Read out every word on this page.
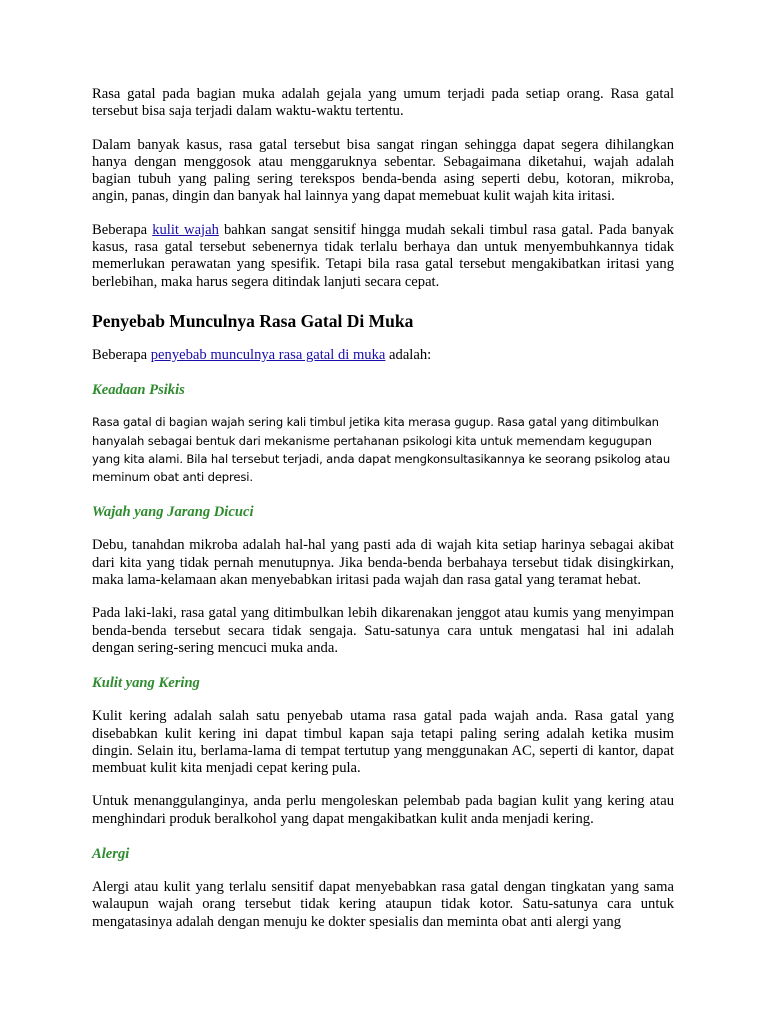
Rasa gatal pada bagian muka adalah gejala yang umum terjadi pada setiap orang. Rasa gatal tersebut bisa saja terjadi dalam waktu-waktu tertentu.

Dalam banyak kasus, rasa gatal tersebut bisa sangat ringan sehingga dapat segera dihilangkan hanya dengan menggosok atau menggaruknya sebentar. Sebagaimana diketahui, wajah adalah bagian tubuh yang paling sering terekspos benda-benda asing seperti debu, kotoran, mikroba, angin, panas, dingin dan banyak hal lainnya yang dapat memebuat kulit wajah kita iritasi.

Beberapa kulit wajah bahkan sangat sensitif hingga mudah sekali timbul rasa gatal. Pada banyak kasus, rasa gatal tersebut sebenernya tidak terlalu berhaya dan untuk menyembuhkannya tidak memerlukan perawatan yang spesifik. Tetapi bila rasa gatal tersebut mengakibatkan iritasi yang berlebihan, maka harus segera ditindak lanjuti secara cepat.

Penyebab Munculnya Rasa Gatal Di Muka

Beberapa penyebab munculnya rasa gatal di muka adalah:

Keadaan Psikis

Rasa gatal di bagian wajah sering kali timbul jetika kita merasa gugup. Rasa gatal yang ditimbulkan hanyalah sebagai bentuk dari mekanisme pertahanan psikologi kita untuk memendam kegugupan yang kita alami. Bila hal tersebut terjadi, anda dapat mengkonsultasikannya ke seorang psikolog atau meminum obat anti depresi.

Wajah yang Jarang Dicuci

Debu, tanahdan mikroba adalah hal-hal yang pasti ada di wajah kita setiap harinya sebagai akibat dari kita yang tidak pernah menutupnya. Jika benda-benda berbahaya tersebut tidak disingkirkan, maka lama-kelamaan akan menyebabkan iritasi pada wajah dan rasa gatal yang teramat hebat.

Pada laki-laki, rasa gatal yang ditimbulkan lebih dikarenakan jenggot atau kumis yang menyimpan benda-benda tersebut secara tidak sengaja. Satu-satunya cara untuk mengatasi hal ini adalah dengan sering-sering mencuci muka anda.

Kulit yang Kering

Kulit kering adalah salah satu penyebab utama rasa gatal pada wajah anda. Rasa gatal yang disebabkan kulit kering ini dapat timbul kapan saja tetapi paling sering adalah ketika musim dingin. Selain itu, berlama-lama di tempat tertutup yang menggunakan AC, seperti di kantor, dapat membuat kulit kita menjadi cepat kering pula.

Untuk menanggulanginya, anda perlu mengoleskan pelembab pada bagian kulit yang kering atau menghindari produk beralkohol yang dapat mengakibatkan kulit anda menjadi kering.

Alergi

Alergi atau kulit yang terlalu sensitif dapat menyebabkan rasa gatal dengan tingkatan yang sama walaupun wajah orang tersebut tidak kering ataupun tidak kotor. Satu-satunya cara untuk mengatasinya adalah dengan menuju ke dokter spesialis dan meminta obat anti alergi yang
